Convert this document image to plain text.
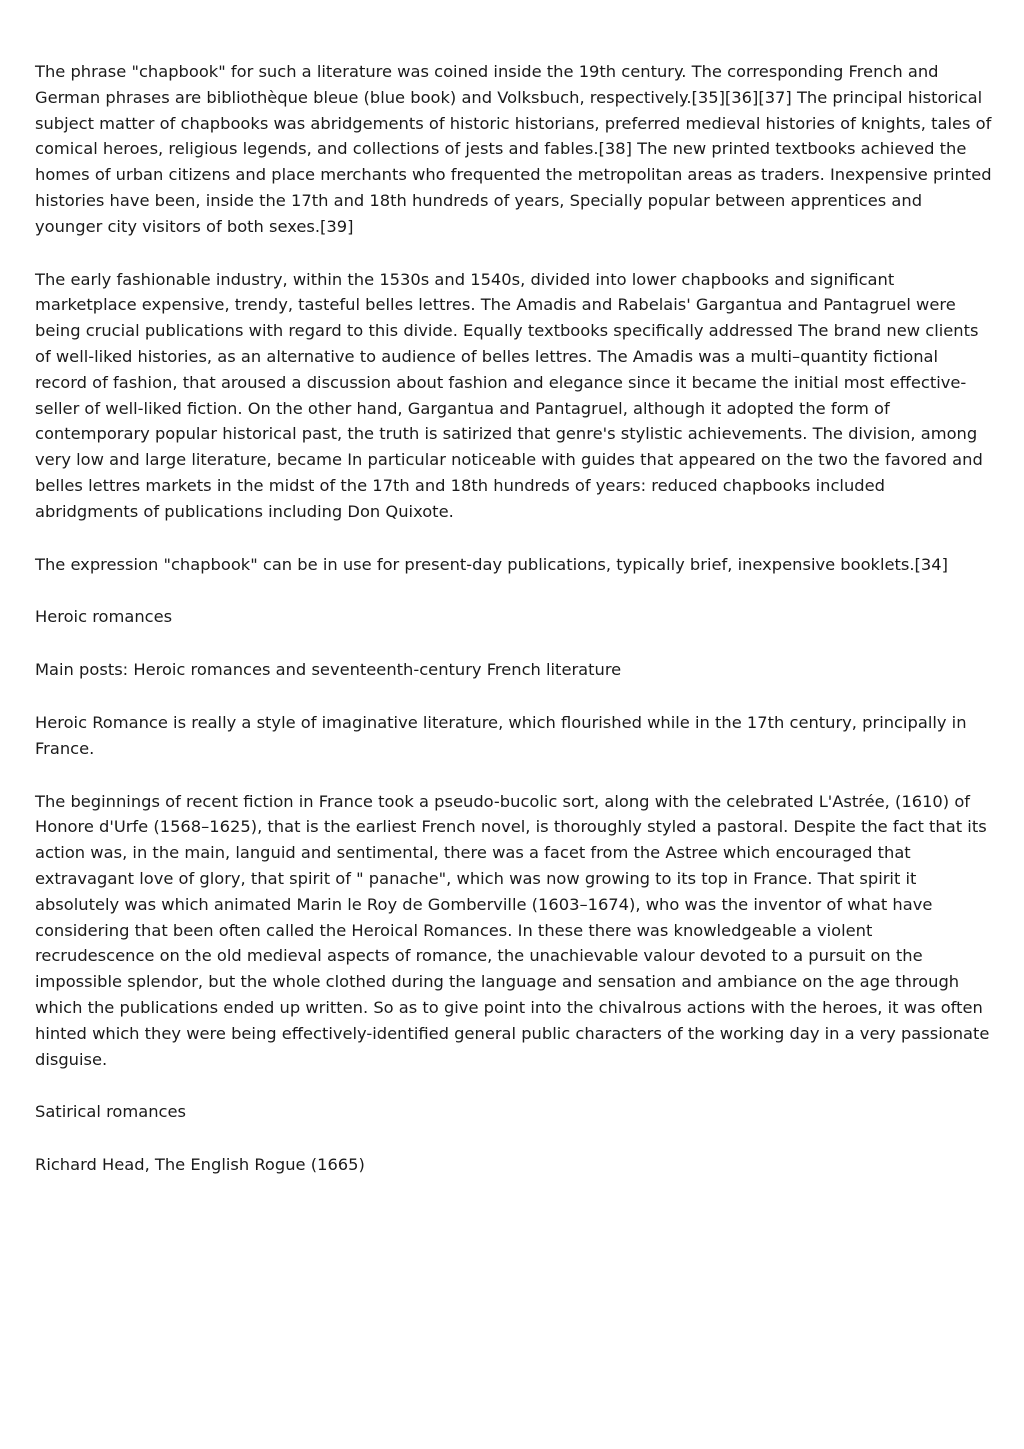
The phrase "chapbook" for such a literature was coined inside the 19th century. The corresponding French and German phrases are bibliothèque bleue (blue book) and Volksbuch, respectively.[35][36][37] The principal historical subject matter of chapbooks was abridgements of historic historians, preferred medieval histories of knights, tales of comical heroes, religious legends, and collections of jests and fables.[38] The new printed textbooks achieved the homes of urban citizens and place merchants who frequented the metropolitan areas as traders. Inexpensive printed histories have been, inside the 17th and 18th hundreds of years, Specially popular between apprentices and younger city visitors of both sexes.[39]

The early fashionable industry, within the 1530s and 1540s, divided into lower chapbooks and significant marketplace expensive, trendy, tasteful belles lettres. The Amadis and Rabelais' Gargantua and Pantagruel were being crucial publications with regard to this divide. Equally textbooks specifically addressed The brand new clients of well-liked histories, as an alternative to audience of belles lettres. The Amadis was a multi–quantity fictional record of fashion, that aroused a discussion about fashion and elegance since it became the initial most effective-seller of well-liked fiction. On the other hand, Gargantua and Pantagruel, although it adopted the form of contemporary popular historical past, the truth is satirized that genre's stylistic achievements. The division, among very low and large literature, became In particular noticeable with guides that appeared on the two the favored and belles lettres markets in the midst of the 17th and 18th hundreds of years: reduced chapbooks included abridgments of publications including Don Quixote.

The expression "chapbook" can be in use for present-day publications, typically brief, inexpensive booklets.[34]

Heroic romances

Main posts: Heroic romances and seventeenth-century French literature

Heroic Romance is really a style of imaginative literature, which flourished while in the 17th century, principally in France.

The beginnings of recent fiction in France took a pseudo-bucolic sort, along with the celebrated L'Astrée, (1610) of Honore d'Urfe (1568–1625), that is the earliest French novel, is thoroughly styled a pastoral. Despite the fact that its action was, in the main, languid and sentimental, there was a facet from the Astree which encouraged that extravagant love of glory, that spirit of " panache", which was now growing to its top in France. That spirit it absolutely was which animated Marin le Roy de Gomberville (1603–1674), who was the inventor of what have considering that been often called the Heroical Romances. In these there was knowledgeable a violent recrudescence on the old medieval aspects of romance, the unachievable valour devoted to a pursuit on the impossible splendor, but the whole clothed during the language and sensation and ambiance on the age through which the publications ended up written. So as to give point into the chivalrous actions with the heroes, it was often hinted which they were being effectively-identified general public characters of the working day in a very passionate disguise.

Satirical romances

Richard Head, The English Rogue (1665)
